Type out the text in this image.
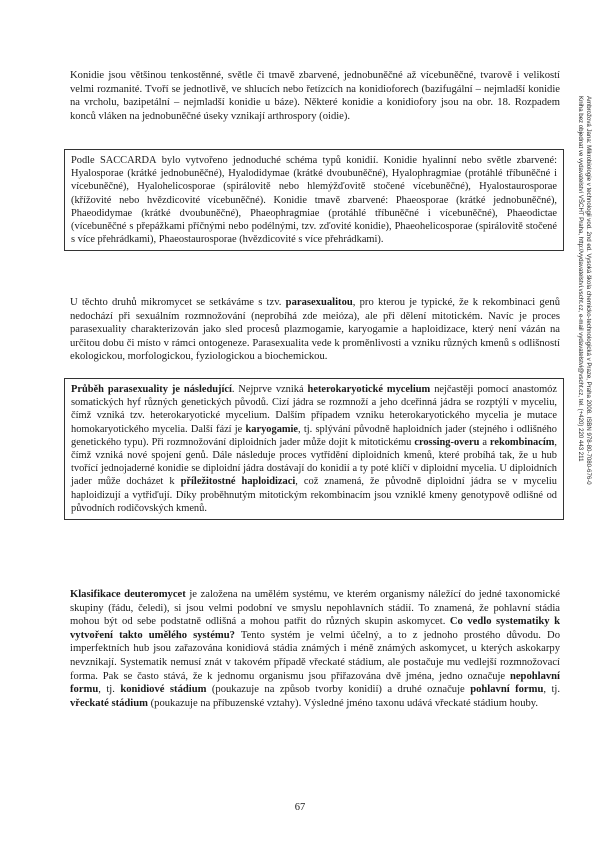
Konidie jsou většinou tenkostěnné, světle či tmavě zbarvené, jednobuněčné až vícebuněčné, tvarově i velikostí velmi rozmanité. Tvoří se jednotlivě, ve shlucích nebo řetízcích na konidioforech (bazifugální – nejmladší konidie na vrcholu, bazipetální – nejmladší konidie u báze). Některé konidie a konidiofory jsou na obr. 18. Rozpadem konců vláken na jednobuněčné úseky vznikají arthrospory (oidie).

Podle SACCARDA bylo vytvořeno jednoduché schéma typů konidií. Konidie hyalinní nebo světle zbarvené: Hyalosporae (krátké jednobuněčné), Hyalodidymae (krátké dvoubuněčné), Hyalophragmiae (protáhlé tříbuněčné i vícebuněčné), Hyalohelicosporae (spirálovitě nebo hlemýžďovitě stočené vícebuněčné), Hyalostaurosporae (křížovité nebo hvězdicovité vícebuněčné). Konidie tmavě zbarvené: Phaeosporae (krátké jednobuněčné), Phaeodidymae (krátké dvoubuněčné), Phaeophragmiae (protáhlé tříbuněčné i vícebuněčné), Phaeodictae (vícebuněčné s přepážkami příčnými nebo podélnými, tzv. zďovité konidie), Phaeohelicosporae (spirálovitě stočené s více přehrádkami), Phaeostaurosporae (hvězdicovité s více přehrádkami).

U těchto druhů mikromycet se setkáváme s tzv. parasexualitou, pro kterou je typické, že k rekombinaci genů nedochází při sexuálním rozmnožování (neprobíhá zde meióza), ale při dělení mitotickém. Navíc je proces parasexuality charakterizován jako sled procesů plazmogamie, karyogamie a haploidizace, který není vázán na určitou dobu či místo v rámci ontogeneze. Parasexualita vede k proměnlivosti a vzniku různých kmenů s odlišností ekologickou, morfologickou, fyziologickou a biochemickou.

Průběh parasexuality je následující. Nejprve vzniká heterokaryotické mycelium nejčastěji pomocí anastomóz somatických hyf různých genetických původů. Cizí jádra se rozmnoží a jeho dceřinná jádra se rozptýlí v myceliu, čímž vzniká tzv. heterokaryotické mycelium. Dalším případem vzniku heterokaryotického mycelia je mutace homokaryotického mycelia. Další fází je karyogamie, tj. splývání původně haploidních jader (stejného i odlišného genetického typu). Při rozmnožování diploidních jader může dojít k mitotickému crossing-overu a rekombinacím, čímž vzniká nové spojení genů. Dále následuje proces vytřídění diploidních kmenů, které probíhá tak, že u hub tvořící jednojaderné konidie se diploidní jádra dostávají do konidií a ty poté klíčí v diploidní mycelia. U diploidních jader může docházet k příležitostné haploidizaci, což znamená, že původně diploidní jádra se v myceliu haploidizují a vytřiďují. Díky proběhnutým mitotickým rekombinacím jsou vzniklé kmeny genotypově odlišné od původních rodičovských kmenů.

Klasifikace deuteromycet je založena na umělém systému, ve kterém organismy náležící do jedné taxonomické skupiny (řádu, čeledi), si jsou velmi podobní ve smyslu nepohlavních stádií. To znamená, že pohlavní stádia mohou být od sebe podstatně odlišná a mohou patřit do různých skupin askomycet. Co vedlo systematiky k vytvoření takto umělého systému? Tento systém je velmi účelný, a to z jednoho prostého důvodu. Do imperfektních hub jsou zařazována konidiová stádia známých i méně známých askomycet, u kterých askokarpy nevznikají. Systematik nemusí znát v takovém případě vřeckaté stádium, ale postačuje mu vedlejší rozmnožovací forma. Pak se často stává, že k jednomu organismu jsou přiřazována dvě jména, jedno označuje nepohlavní formu, tj. konidiové stádium (poukazuje na způsob tvorby konidií) a druhé označuje pohlavní formu, tj. vřeckaté stádium (poukazuje na příbuzenské vztahy). Výsledné jméno taxonu udává vřeckaté stádium houby.

Ambrožová Jana: Mikrobiologie v technologii vod. 2nd ed. Vysoká škola chemicko-technologická v Praze, Praha 2008. ISBN 978-80-7080-676-0
Kniha bez objednat ve vydavatelství VŠCHT Praha, http://vydavatelstvi.vscht.cz, e-mail vydavatelstvi@vscht.cz, tel. (+420) 220 443 211
67
